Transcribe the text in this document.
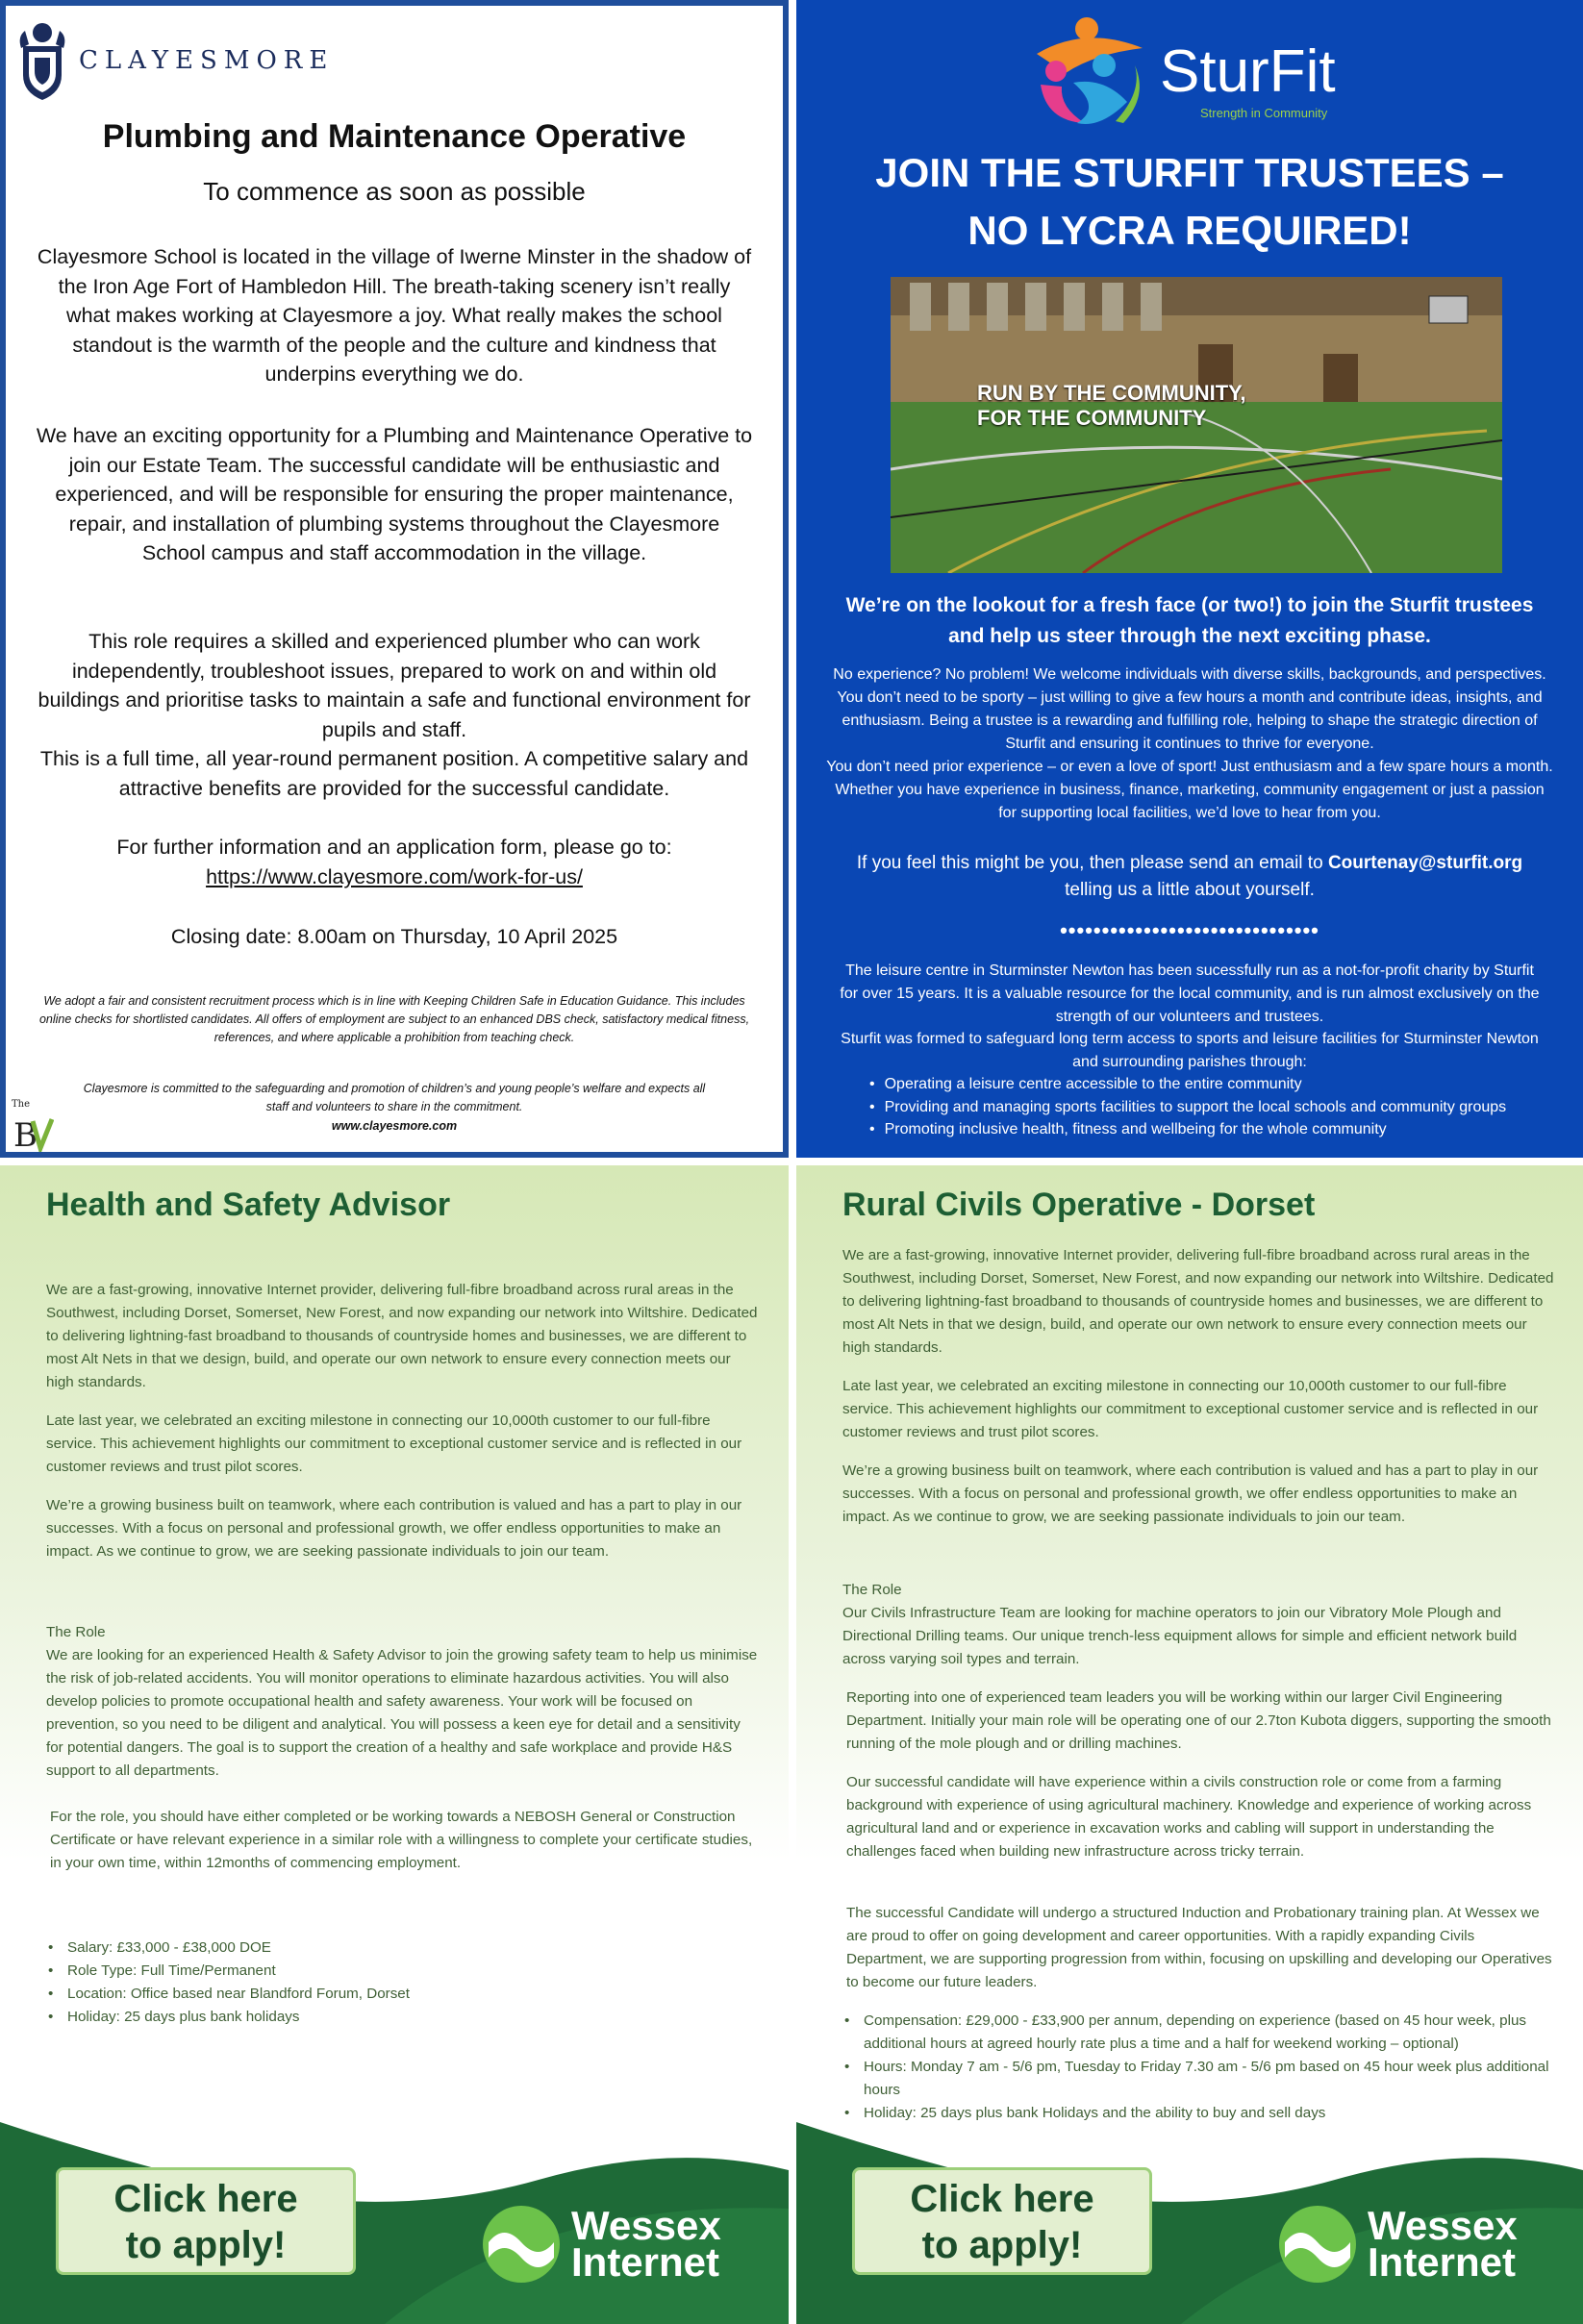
CLAYESMORE
Plumbing and Maintenance Operative
To commence as soon as possible

Clayesmore School is located in the village of Iwerne Minster in the shadow of the Iron Age Fort of Hambledon Hill. The breath-taking scenery isn’t really what makes working at Clayesmore a joy. What really makes the school standout is the warmth of the people and the culture and kindness that underpins everything we do.

We have an exciting opportunity for a Plumbing and Maintenance Operative to join our Estate Team. The successful candidate will be enthusiastic and experienced, and will be responsible for ensuring the proper maintenance, repair, and installation of plumbing systems throughout the Clayesmore School campus and staff accommodation in the village.

This role requires a skilled and experienced plumber who can work independently, troubleshoot issues, prepared to work on and within old buildings and prioritise tasks to maintain a safe and functional environment for pupils and staff.

This is a full time, all year-round permanent position. A competitive salary and attractive benefits are provided for the successful candidate.

For further information and an application form, please go to:

https://www.clayesmore.com/work-for-us/

Closing date: 8.00am on Thursday, 10 April 2025

We adopt a fair and consistent recruitment process which is in line with Keeping Children Safe in Education Guidance. This includes online checks for shortlisted candidates. All offers of employment are subject to an enhanced DBS check, satisfactory medical fitness, references, and where applicable a prohibition from teaching check.

Clayesmore is committed to the safeguarding and promotion of children’s and young people’s welfare and expects all staff and volunteers to share in the commitment.

www.clayesmore.com

The
B
SturFit
Strength in Community
JOIN THE STURFIT TRUSTEES –
NO LYCRA REQUIRED!
RUN BY THE COMMUNITY,
FOR THE COMMUNITY

We’re on the lookout for a fresh face (or two!) to join the Sturfit trustees and help us steer through the next exciting phase.

No experience? No problem! We welcome individuals with diverse skills, backgrounds, and perspectives. You don’t need to be sporty – just willing to give a few hours a month and contribute ideas, insights, and enthusiasm. Being a trustee is a rewarding and fulfilling role, helping to shape the strategic direction of Sturfit and ensuring it continues to thrive for everyone.

You don’t need prior experience – or even a love of sport! Just enthusiasm and a few spare hours a month. Whether you have experience in business, finance, marketing, community engagement or just a passion for supporting local facilities, we’d love to hear from you.

If you feel this might be you, then please send an email to Courtenay@sturfit.org
telling us a little about yourself.

•••••••••••••••••••••••••••••••

The leisure centre in Sturminster Newton has been sucessfully run as a not-for-profit charity by Sturfit for over 15 years. It is a valuable resource for the local community, and is run almost exclusively on the strength of our volunteers and trustees.

Sturfit was formed to safeguard long term access to sports and leisure facilities for Sturminster Newton and surrounding parishes through:

• Operating a leisure centre accessible to the entire community
• Providing and managing sports facilities to support the local schools and community groups
• Promoting inclusive health, fitness and wellbeing for the whole community
Health and Safety Advisor

We are a fast-growing, innovative Internet provider, delivering full-fibre broadband across rural areas in the Southwest, including Dorset, Somerset, New Forest, and now expanding our network into Wiltshire. Dedicated to delivering lightning-fast broadband to thousands of countryside homes and businesses, we are different to most Alt Nets in that we design, build, and operate our own network to ensure every connection meets our high standards.

Late last year, we celebrated an exciting milestone in connecting our 10,000th customer to our full-fibre service. This achievement highlights our commitment to exceptional customer service and is reflected in our customer reviews and trust pilot scores.

We’re a growing business built on teamwork, where each contribution is valued and has a part to play in our successes. With a focus on personal and professional growth, we offer endless opportunities to make an impact. As we continue to grow, we are seeking passionate individuals to join our team.

The Role

We are looking for an experienced Health & Safety Advisor to join the growing safety team to help us minimise the risk of job-related accidents. You will monitor operations to eliminate hazardous activities. You will also develop policies to promote occupational health and safety awareness. Your work will be focused on prevention, so you need to be diligent and analytical. You will possess a keen eye for detail and a sensitivity for potential dangers. The goal is to support the creation of a healthy and safe workplace and provide H&S support to all departments.

For the role, you should have either completed or be working towards a NEBOSH General or Construction Certificate or have relevant experience in a similar role with a willingness to complete your certificate studies, in your own time, within 12months of commencing employment.

• Salary: £33,000 - £38,000 DOE
• Role Type: Full Time/Permanent
• Location: Office based near Blandford Forum, Dorset
• Holiday: 25 days plus bank holidays
Click here
to apply!	Wessex
Internet
Rural Civils Operative - Dorset

We are a fast-growing, innovative Internet provider, delivering full-fibre broadband across rural areas in the Southwest, including Dorset, Somerset, New Forest, and now expanding our network into Wiltshire. Dedicated to delivering lightning-fast broadband to thousands of countryside homes and businesses, we are different to most Alt Nets in that we design, build, and operate our own network to ensure every connection meets our high standards.

Late last year, we celebrated an exciting milestone in connecting our 10,000th customer to our full-fibre service. This achievement highlights our commitment to exceptional customer service and is reflected in our customer reviews and trust pilot scores.

We’re a growing business built on teamwork, where each contribution is valued and has a part to play in our successes. With a focus on personal and professional growth, we offer endless opportunities to make an impact. As we continue to grow, we are seeking passionate individuals to join our team.

The Role

Our Civils Infrastructure Team are looking for machine operators to join our Vibratory Mole Plough and Directional Drilling teams. Our unique trench-less equipment allows for simple and efficient network build across varying soil types and terrain.

Reporting into one of experienced team leaders you will be working within our larger Civil Engineering Department. Initially your main role will be operating one of our 2.7ton Kubota diggers, supporting the smooth running of the mole plough and or drilling machines.

Our successful candidate will have experience within a civils construction role or come from a farming background with experience of using agricultural machinery. Knowledge and experience of working across agricultural land and or experience in excavation works and cabling will support in understanding the challenges faced when building new infrastructure across tricky terrain.

The successful Candidate will undergo a structured Induction and Probationary training plan. At Wessex we are proud to offer on going development and career opportunities. With a rapidly expanding Civils Department, we are supporting progression from within, focusing on upskilling and developing our Operatives to become our future leaders.

• Compensation: £29,000 - £33,900 per annum, depending on experience (based on 45 hour week, plus additional hours at agreed hourly rate plus a time and a half for weekend working – optional)
• Hours: Monday 7 am - 5/6 pm, Tuesday to Friday 7.30 am - 5/6 pm based on 45 hour week plus additional hours
• Holiday: 25 days plus bank Holidays and the ability to buy and sell days
Click here
to apply!	Wessex
Internet
